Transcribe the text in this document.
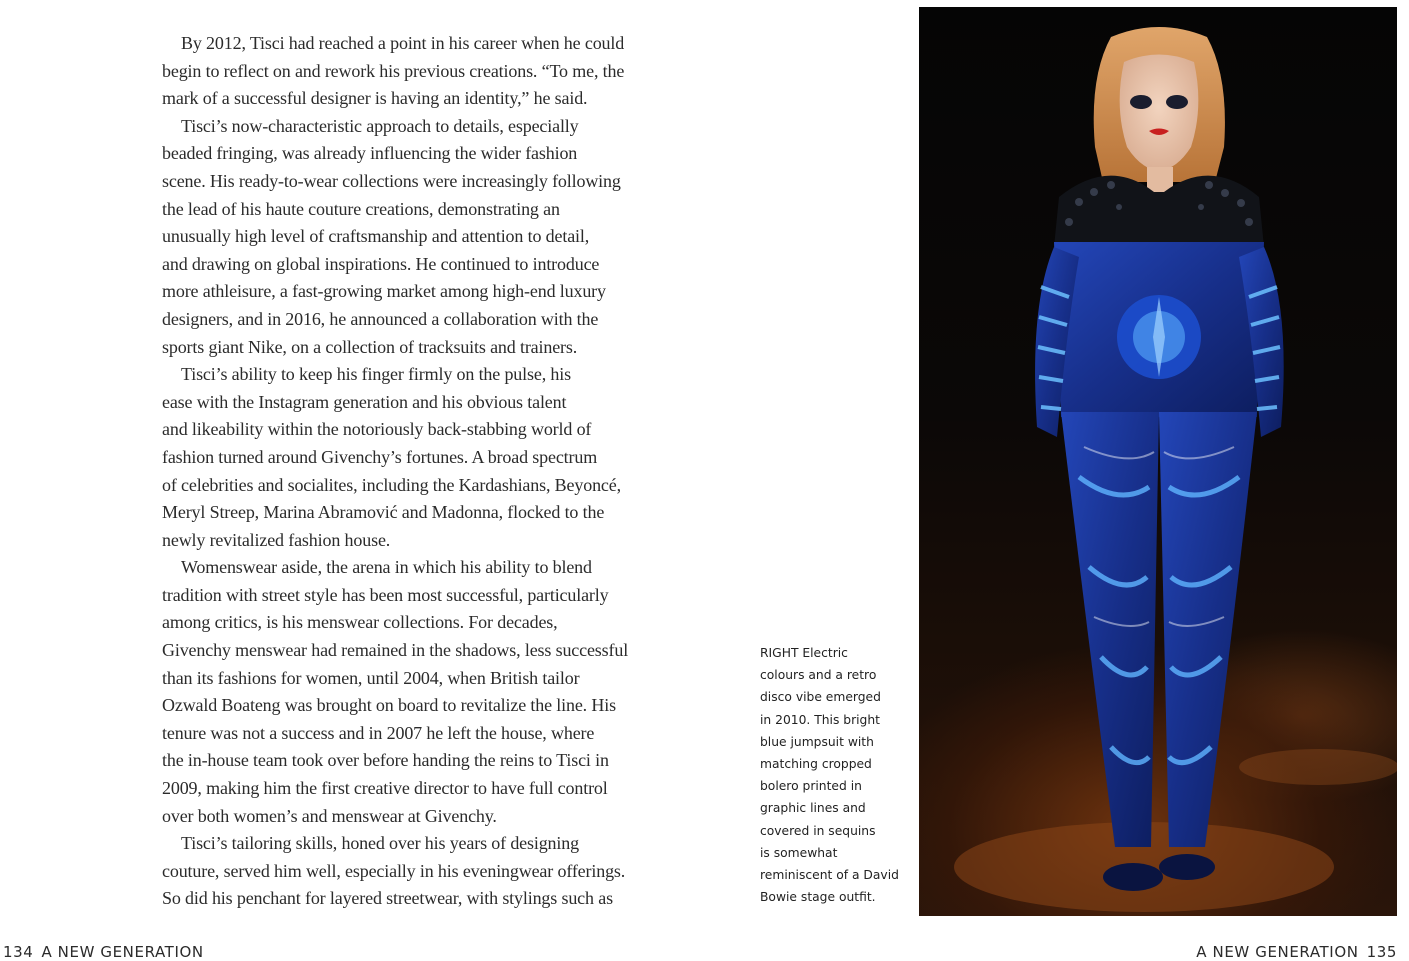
By 2012, Tisci had reached a point in his career when he could
begin to reflect on and rework his previous creations. “To me, the
mark of a successful designer is having an identity,” he said.
Tisci’s now-characteristic approach to details, especially
beaded fringing, was already influencing the wider fashion
scene. His ready-to-wear collections were increasingly following
the lead of his haute couture creations, demonstrating an
unusually high level of craftsmanship and attention to detail,
and drawing on global inspirations. He continued to introduce
more athleisure, a fast-growing market among high-end luxury
designers, and in 2016, he announced a collaboration with the
sports giant Nike, on a collection of tracksuits and trainers.
Tisci’s ability to keep his finger firmly on the pulse, his
ease with the Instagram generation and his obvious talent
and likeability within the notoriously back-stabbing world of
fashion turned around Givenchy’s fortunes. A broad spectrum
of celebrities and socialites, including the Kardashians, Beyoncé,
Meryl Streep, Marina Abramović and Madonna, flocked to the
newly revitalized fashion house.
Womenswear aside, the arena in which his ability to blend
tradition with street style has been most successful, particularly
among critics, is his menswear collections. For decades,
Givenchy menswear had remained in the shadows, less successful
than its fashions for women, until 2004, when British tailor
Ozwald Boateng was brought on board to revitalize the line. His
tenure was not a success and in 2007 he left the house, where
the in-house team took over before handing the reins to Tisci in
2009, making him the first creative director to have full control
over both women’s and menswear at Givenchy.
Tisci’s tailoring skills, honed over his years of designing
couture, served him well, especially in his eveningwear offerings.
So did his penchant for layered streetwear, with stylings such as
RIGHT Electric
colours and a retro
disco vibe emerged
in 2010. This bright
blue jumpsuit with
matching cropped
bolero printed in
graphic lines and
covered in sequins
is somewhat
reminiscent of a David
Bowie stage outfit.
134 A NEW GENERATION	A NEW GENERATION 135
